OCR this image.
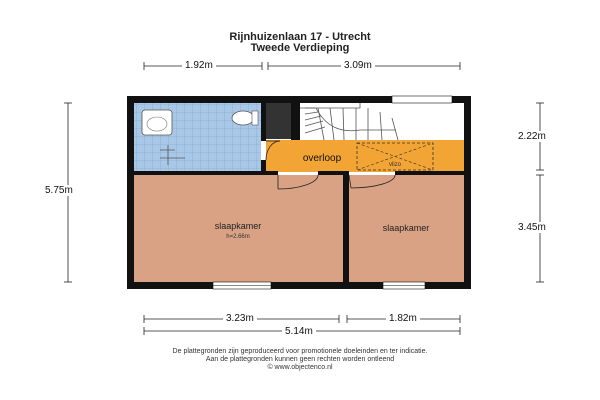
Rijnhuizenlaan 17 - Utrecht
Tweede Verdieping
overloop
vlizo
slaapkamer
h=2.66m
slaapkamer
1.92m	3.09m
5.75m
2.22m
3.45m
3.23m	1.82m
5.14m
De plattegronden zijn geproduceerd voor promotionele doeleinden en ter indicatie.
Aan de plattegronden kunnen geen rechten worden ontleend
© www.objectenco.nl
